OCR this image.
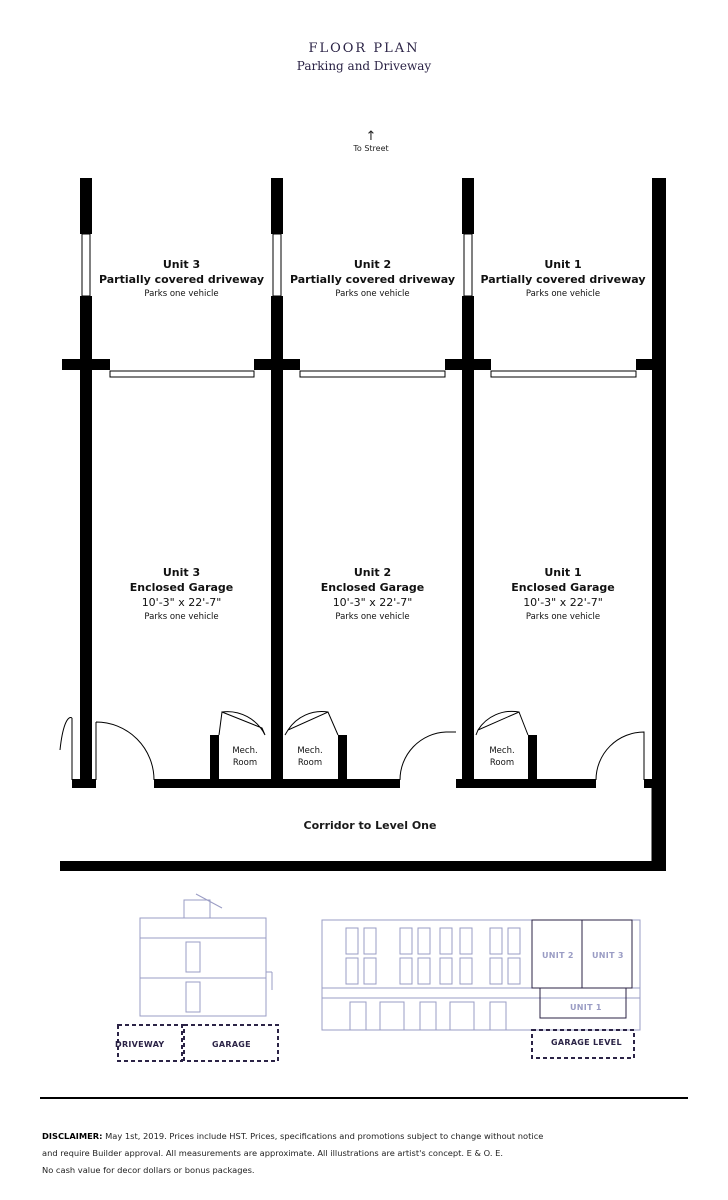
FLOOR PLAN
Parking and Driveway
↑
To Street
Unit 3
Partially covered driveway
Parks one vehicle
Unit 2
Partially covered driveway
Parks one vehicle
Unit 1
Partially covered driveway
Parks one vehicle
Unit 3
Enclosed Garage
10'-3" x 22'-7"
Parks one vehicle
Unit 2
Enclosed Garage
10'-3" x 22'-7"
Parks one vehicle
Unit 1
Enclosed Garage
10'-3" x 22'-7"
Parks one vehicle
Mech.
Room
Mech.
Room
Mech.
Room
Corridor to Level One
DRIVEWAY	GARAGE	GARAGE LEVEL
UNIT 2 UNIT 3
UNIT 1
DISCLAIMER: May 1st, 2019. Prices include HST. Prices, specifications and promotions subject to change without notice
and require Builder approval. All measurements are approximate. All illustrations are artist's concept. E & O. E.
No cash value for decor dollars or bonus packages.
